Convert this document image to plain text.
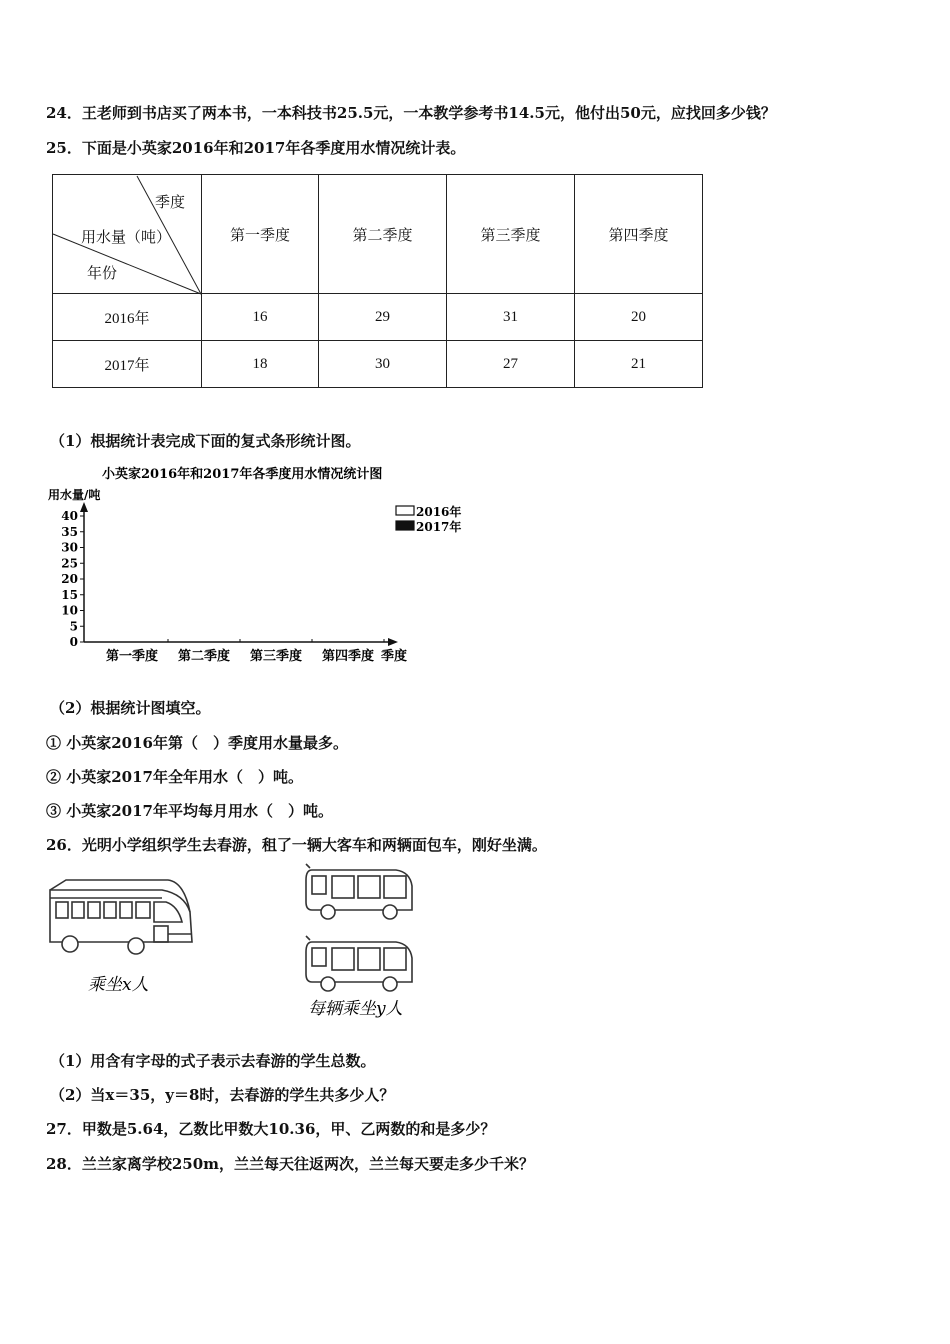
24．王老师到书店买了两本书，一本科技书25.5元，一本教学参考书14.5元，他付出50元，应找回多少钱？
25．下面是小英家2016年和2017年各季度用水情况统计表。
季度
用水量（吨）
年份	第一季度	第二季度	第三季度	第四季度
2016年	16	29	31	20
2017年	18	30	27	21
（1）根据统计表完成下面的复式条形统计图。
小英家2016年和2017年各季度用水情况统计图
用水量/吨
0
5
10
15
20
25
30
35
40
第一季度 第二季度 第三季度 第四季度 季度
2016年
2017年
（2）根据统计图填空。
① 小英家2016年第（　）季度用水量最多。
② 小英家2017年全年用水（　）吨。
③ 小英家2017年平均每月用水（　）吨。
26．光明小学组织学生去春游，租了一辆大客车和两辆面包车，刚好坐满。
乘坐x人
每辆乘坐y人
（1）用含有字母的式子表示去春游的学生总数。
（2）当x＝35，y＝8时，去春游的学生共多少人？
27．甲数是5.64，乙数比甲数大10.36，甲、乙两数的和是多少？
28．兰兰家离学校250m，兰兰每天往返两次，兰兰每天要走多少千米？
